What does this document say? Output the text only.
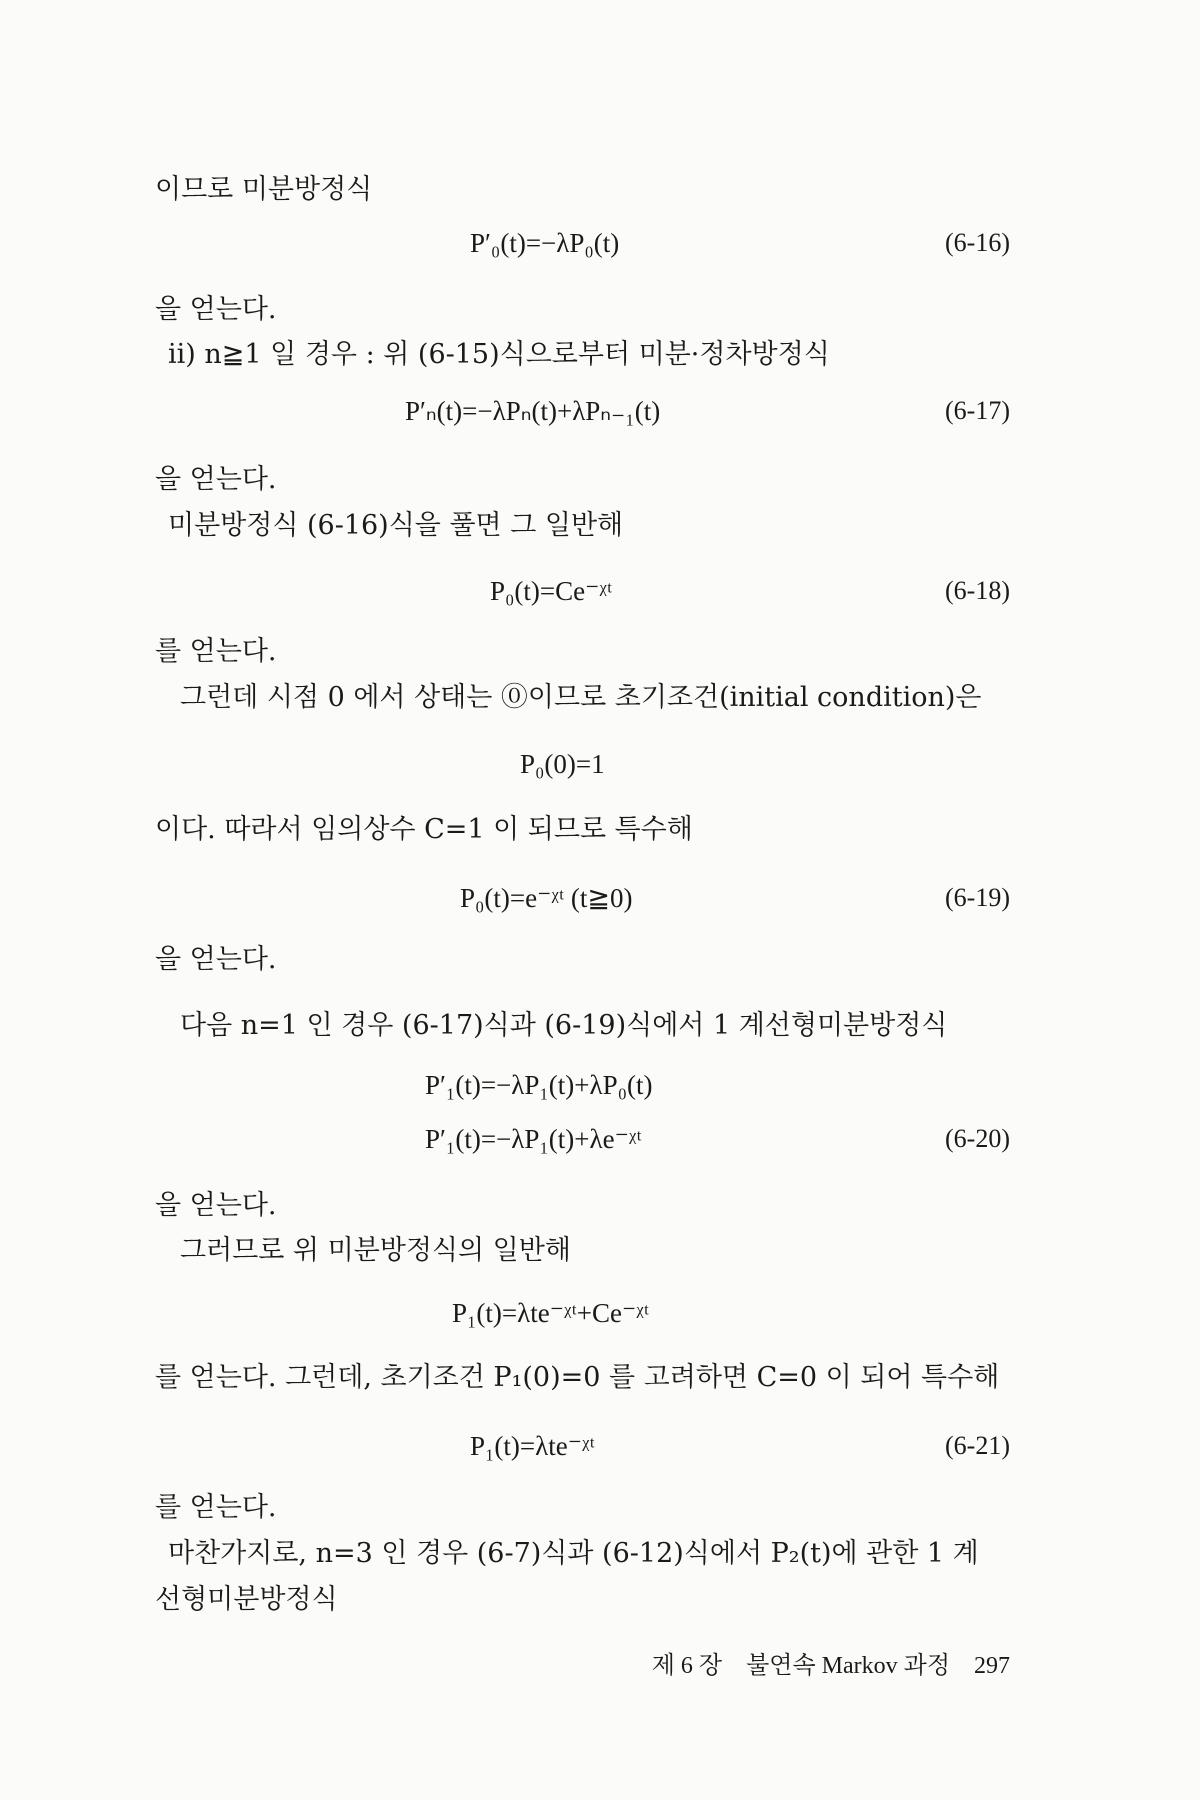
이므로 미분방정식
P′₀(t)=−λP₀(t)	(6-16)
을 얻는다.
ii) n≧1 일 경우 : 위 (6-15)식으로부터 미분·정차방정식
P′ₙ(t)=−λPₙ(t)+λPₙ₋₁(t)	(6-17)
을 얻는다.
미분방정식 (6-16)식을 풀면 그 일반해
P₀(t)=Ce⁻ᵡᵗ	(6-18)
를 얻는다.
그런데 시점 0 에서 상태는 ⓪이므로 초기조건(initial condition)은
P₀(0)=1
이다. 따라서 임의상수 C=1 이 되므로 특수해
P₀(t)=e⁻ᵡᵗ (t≧0)	(6-19)
을 얻는다.
다음 n=1 인 경우 (6-17)식과 (6-19)식에서 1 계선형미분방정식
P′₁(t)=−λP₁(t)+λP₀(t)
P′₁(t)=−λP₁(t)+λe⁻ᵡᵗ	(6-20)
을 얻는다.
그러므로 위 미분방정식의 일반해
P₁(t)=λte⁻ᵡᵗ+Ce⁻ᵡᵗ
를 얻는다. 그런데, 초기조건 P₁(0)=0 를 고려하면 C=0 이 되어 특수해
P₁(t)=λte⁻ᵡᵗ	(6-21)
를 얻는다.
마찬가지로, n=3 인 경우 (6-7)식과 (6-12)식에서 P₂(t)에 관한 1 계
선형미분방정식
제 6 장 불연속 Markov 과정 297
